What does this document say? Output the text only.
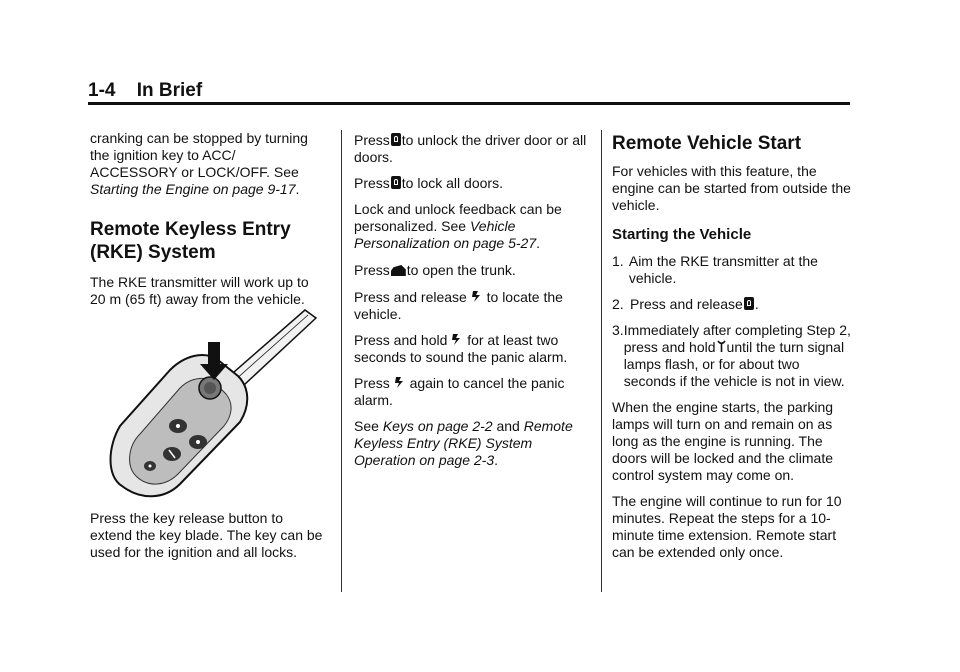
1-4 In Brief

cranking can be stopped by turning the ignition key to ACC/ ACCESSORY or LOCK/OFF. See Starting the Engine on page 9-17.

Remote Keyless Entry (RKE) System

The RKE transmitter will work up to 20 m (65 ft) away from the vehicle.

Press the key release button to extend the key blade. The key can be used for the ignition and all locks.

Press to unlock the driver door or all doors.

Press to lock all doors.

Lock and unlock feedback can be personalized. See Vehicle Personalization on page 5-27.

Press to open the trunk.

Press and release to locate the vehicle.

Press and hold for at least two seconds to sound the panic alarm.

Press again to cancel the panic alarm.

See Keys on page 2-2 and Remote Keyless Entry (RKE) System Operation on page 2-3.

Remote Vehicle Start

For vehicles with this feature, the engine can be started from outside the vehicle.

Starting the Vehicle

1. Aim the RKE transmitter at the vehicle.
2. Press and release .
3. Immediately after completing Step 2, press and hold until the turn signal lamps flash, or for about two seconds if the vehicle is not in view.

When the engine starts, the parking lamps will turn on and remain on as long as the engine is running. The doors will be locked and the climate control system may come on.

The engine will continue to run for 10 minutes. Repeat the steps for a 10-minute time extension. Remote start can be extended only once.
